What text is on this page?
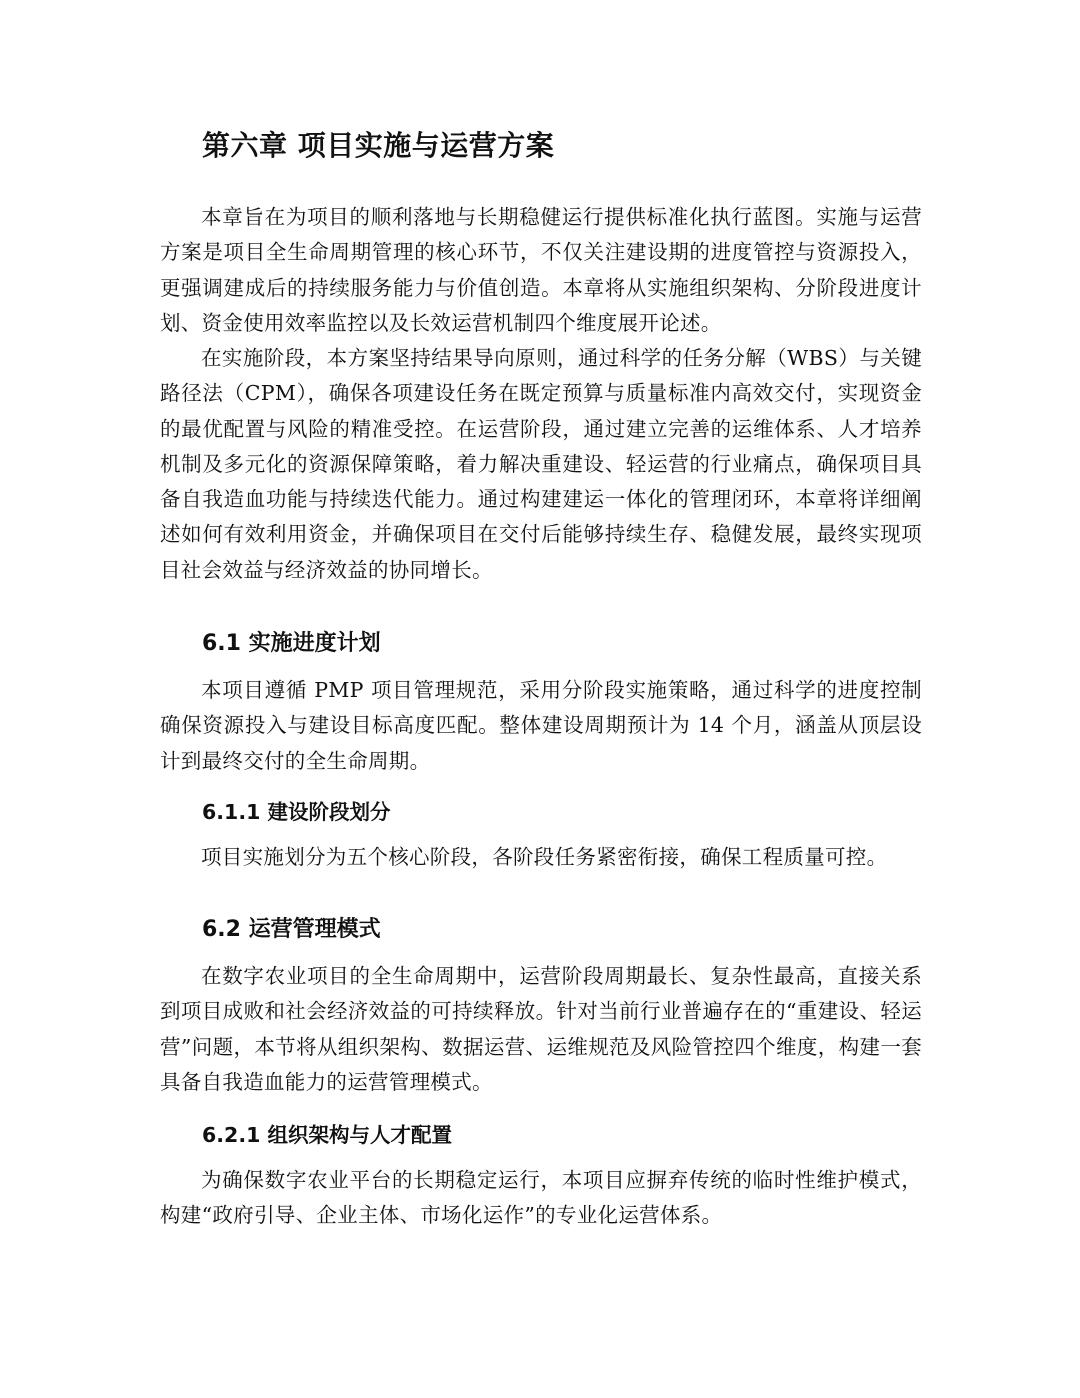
第六章 项目实施与运营方案

本章旨在为项目的顺利落地与长期稳健运行提供标准化执行蓝图。实施与运营方案是项目全生命周期管理的核心环节，不仅关注建设期的进度管控与资源投入，更强调建成后的持续服务能力与价值创造。本章将从实施组织架构、分阶段进度计划、资金使用效率监控以及长效运营机制四个维度展开论述。

在实施阶段，本方案坚持结果导向原则，通过科学的任务分解（WBS）与关键路径法（CPM），确保各项建设任务在既定预算与质量标准内高效交付，实现资金的最优配置与风险的精准受控。在运营阶段，通过建立完善的运维体系、人才培养机制及多元化的资源保障策略，着力解决重建设、轻运营的行业痛点，确保项目具备自我造血功能与持续迭代能力。通过构建建运一体化的管理闭环，本章将详细阐述如何有效利用资金，并确保项目在交付后能够持续生存、稳健发展，最终实现项目社会效益与经济效益的协同增长。

6.1 实施进度计划

本项目遵循 PMP 项目管理规范，采用分阶段实施策略，通过科学的进度控制确保资源投入与建设目标高度匹配。整体建设周期预计为 14 个月，涵盖从顶层设计到最终交付的全生命周期。

6.1.1 建设阶段划分

项目实施划分为五个核心阶段，各阶段任务紧密衔接，确保工程质量可控。

6.2 运营管理模式

在数字农业项目的全生命周期中，运营阶段周期最长、复杂性最高，直接关系到项目成败和社会经济效益的可持续释放。针对当前行业普遍存在的“重建设、轻运营”问题，本节将从组织架构、数据运营、运维规范及风险管控四个维度，构建一套具备自我造血能力的运营管理模式。

6.2.1 组织架构与人才配置

为确保数字农业平台的长期稳定运行，本项目应摒弃传统的临时性维护模式，构建“政府引导、企业主体、市场化运作”的专业化运营体系。
